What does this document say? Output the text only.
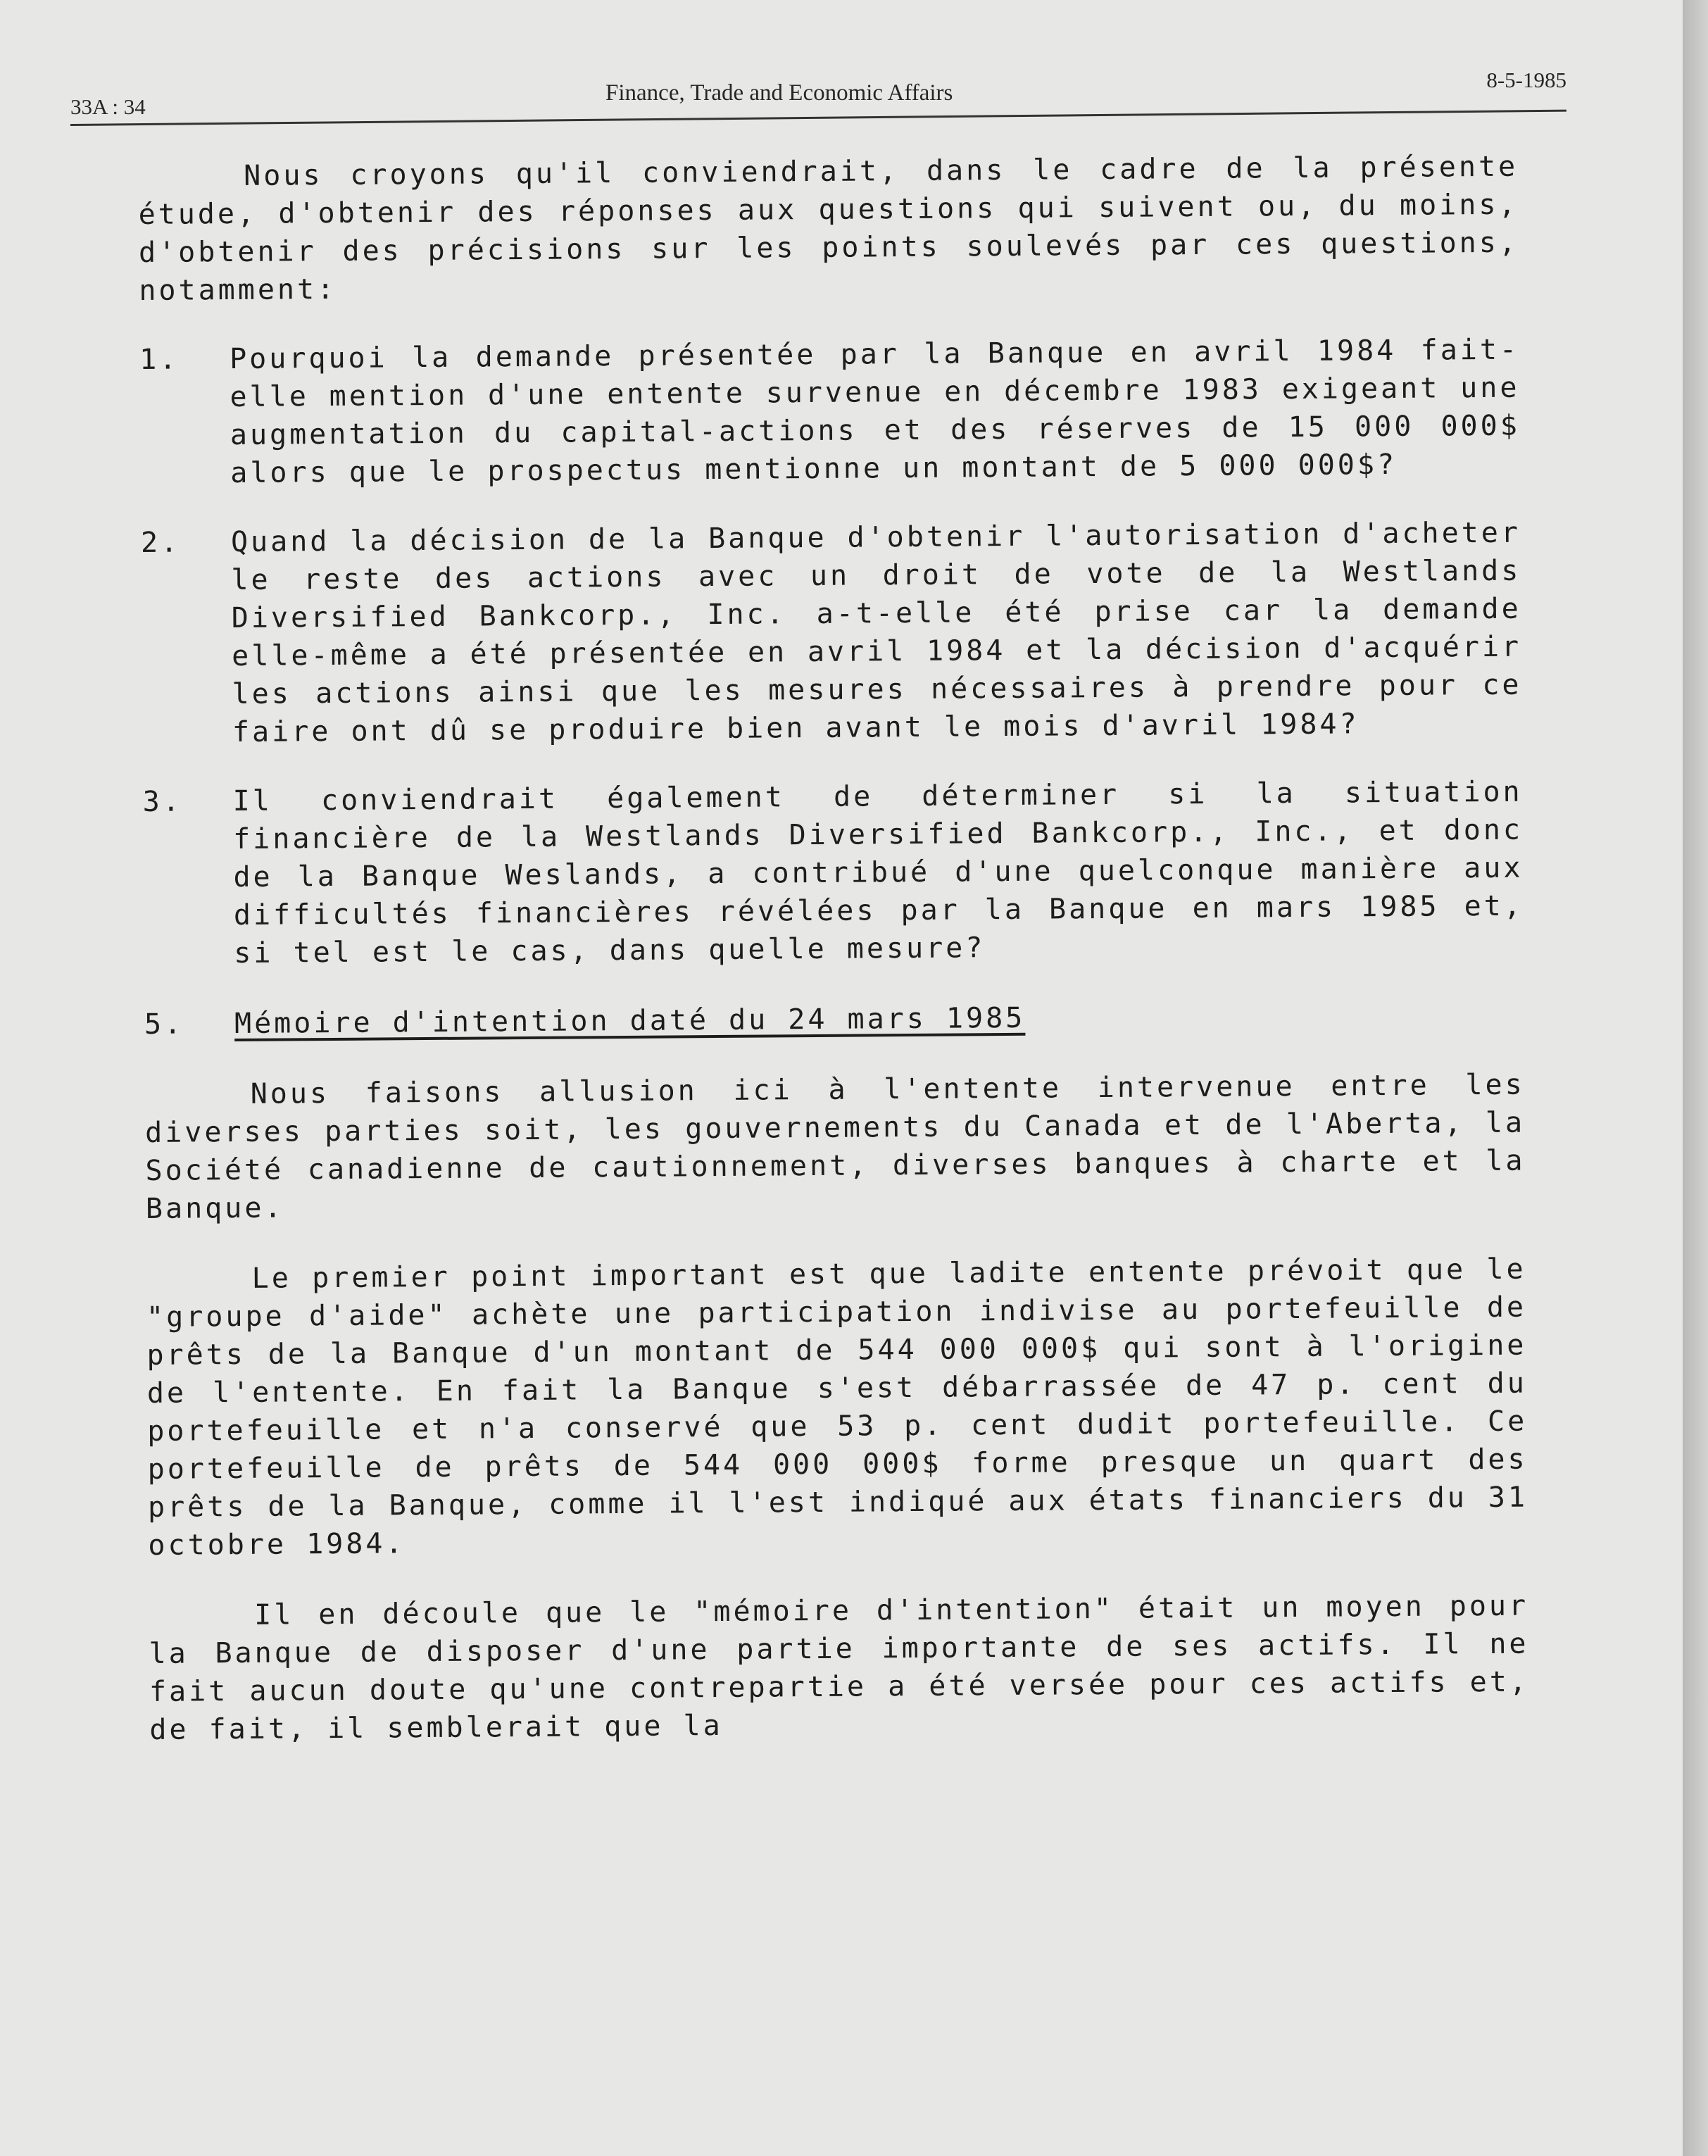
33A : 34
Finance, Trade and Economic Affairs
8-5-1985

Nous croyons qu'il conviendrait, dans le cadre de la présente étude, d'obtenir des réponses aux questions qui suivent ou, du moins, d'obtenir des précisions sur les points soulevés par ces questions, notamment:

1.	Pourquoi la demande présentée par la Banque en avril 1984 fait-elle mention d'une entente survenue en décembre 1983 exigeant une augmentation du capital-actions et des réserves de 15 000 000$ alors que le prospectus mentionne un montant de 5 000 000$?
2.	Quand la décision de la Banque d'obtenir l'autorisation d'acheter le reste des actions avec un droit de vote de la Westlands Diversified Bankcorp., Inc. a-t-elle été prise car la demande elle-même a été présentée en avril 1984 et la décision d'acquérir les actions ainsi que les mesures nécessaires à prendre pour ce faire ont dû se produire bien avant le mois d'avril 1984?
3.	Il conviendrait également de déterminer si la situation financière de la Westlands Diversified Bankcorp., Inc., et donc de la Banque Weslands, a contribué d'une quelconque manière aux difficultés financières révélées par la Banque en mars 1985 et, si tel est le cas, dans quelle mesure?
5.	Mémoire d'intention daté du 24 mars 1985

Nous faisons allusion ici à l'entente intervenue entre les diverses parties soit, les gouvernements du Canada et de l'Aberta, la Société canadienne de cautionnement, diverses banques à charte et la Banque.

Le premier point important est que ladite entente prévoit que le "groupe d'aide" achète une participation indivise au portefeuille de prêts de la Banque d'un montant de 544 000 000$ qui sont à l'origine de l'entente. En fait la Banque s'est débarrassée de 47 p. cent du portefeuille et n'a conservé que 53 p. cent dudit portefeuille. Ce portefeuille de prêts de 544 000 000$ forme presque un quart des prêts de la Banque, comme il l'est indiqué aux états financiers du 31 octobre 1984.

Il en découle que le "mémoire d'intention" était un moyen pour la Banque de disposer d'une partie importante de ses actifs. Il ne fait aucun doute qu'une contrepartie a été versée pour ces actifs et, de fait, il semblerait que la
